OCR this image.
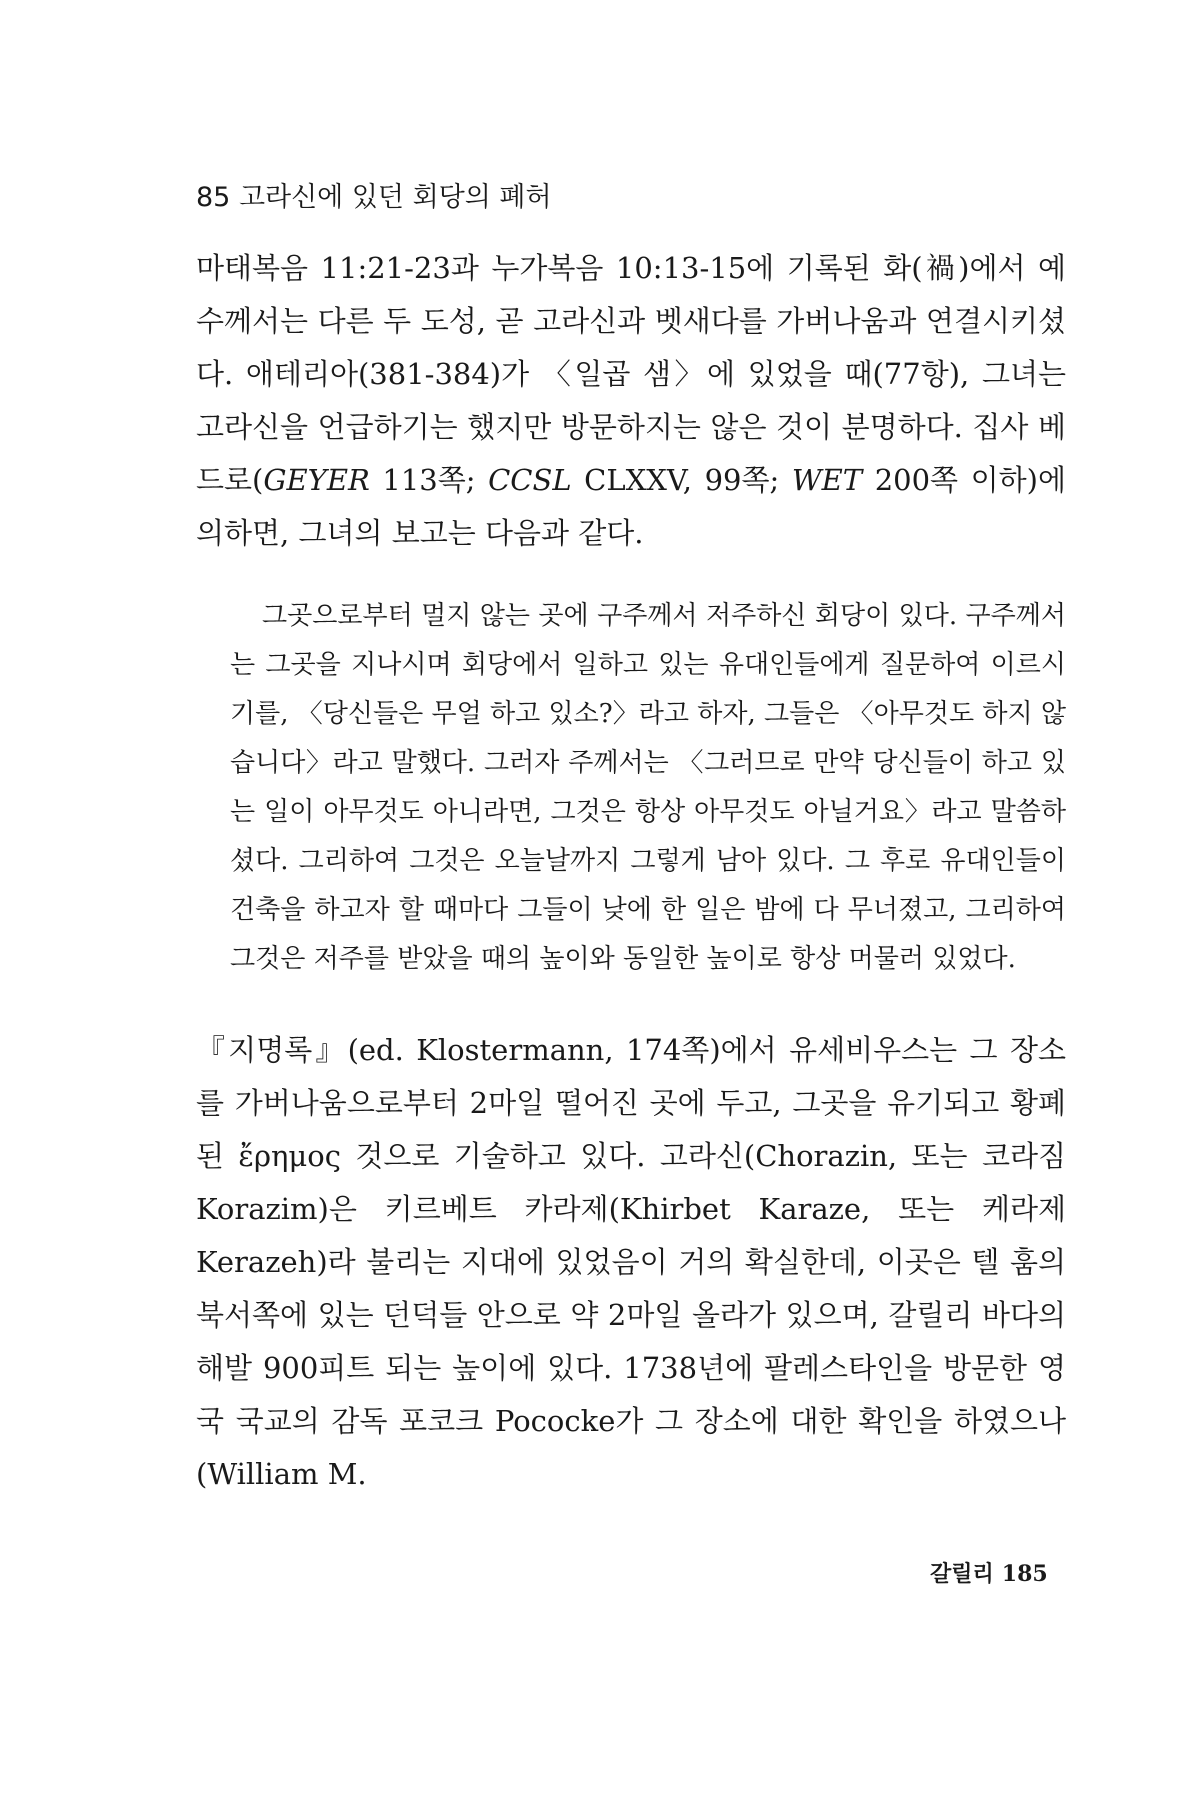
85 고라신에 있던 회당의 폐허

마태복음 11:21-23과 누가복음 10:13-15에 기록된 화(禍)에서 예수께서는 다른 두 도성, 곧 고라신과 벳새다를 가버나움과 연결시키셨다. 애테리아(381-384)가 〈일곱 샘〉에 있었을 때(77항), 그녀는 고라신을 언급하기는 했지만 방문하지는 않은 것이 분명하다. 집사 베드로(GEYER 113쪽; CCSL CLXXV, 99쪽; WET 200쪽 이하)에 의하면, 그녀의 보고는 다음과 같다.

그곳으로부터 멀지 않는 곳에 구주께서 저주하신 회당이 있다. 구주께서는 그곳을 지나시며 회당에서 일하고 있는 유대인들에게 질문하여 이르시기를, 〈당신들은 무얼 하고 있소?〉라고 하자, 그들은 〈아무것도 하지 않습니다〉라고 말했다. 그러자 주께서는 〈그러므로 만약 당신들이 하고 있는 일이 아무것도 아니라면, 그것은 항상 아무것도 아닐거요〉라고 말씀하셨다. 그리하여 그것은 오늘날까지 그렇게 남아 있다. 그 후로 유대인들이 건축을 하고자 할 때마다 그들이 낮에 한 일은 밤에 다 무너졌고, 그리하여 그것은 저주를 받았을 때의 높이와 동일한 높이로 항상 머물러 있었다.

『지명록』(ed. Klostermann, 174쪽)에서 유세비우스는 그 장소를 가버나움으로부터 2마일 떨어진 곳에 두고, 그곳을 유기되고 황폐된 ἔρημος 것으로 기술하고 있다. 고라신(Chorazin, 또는 코라짐 Korazim)은 키르베트 카라제(Khirbet Karaze, 또는 케라제Kerazeh)라 불리는 지대에 있었음이 거의 확실한데, 이곳은 텔 훔의 북서쪽에 있는 던덕들 안으로 약 2마일 올라가 있으며, 갈릴리 바다의 해발 900피트 되는 높이에 있다. 1738년에 팔레스타인을 방문한 영국 국교의 감독 포코크 Pococke가 그 장소에 대한 확인을 하였으나(William M.

갈릴리 185
